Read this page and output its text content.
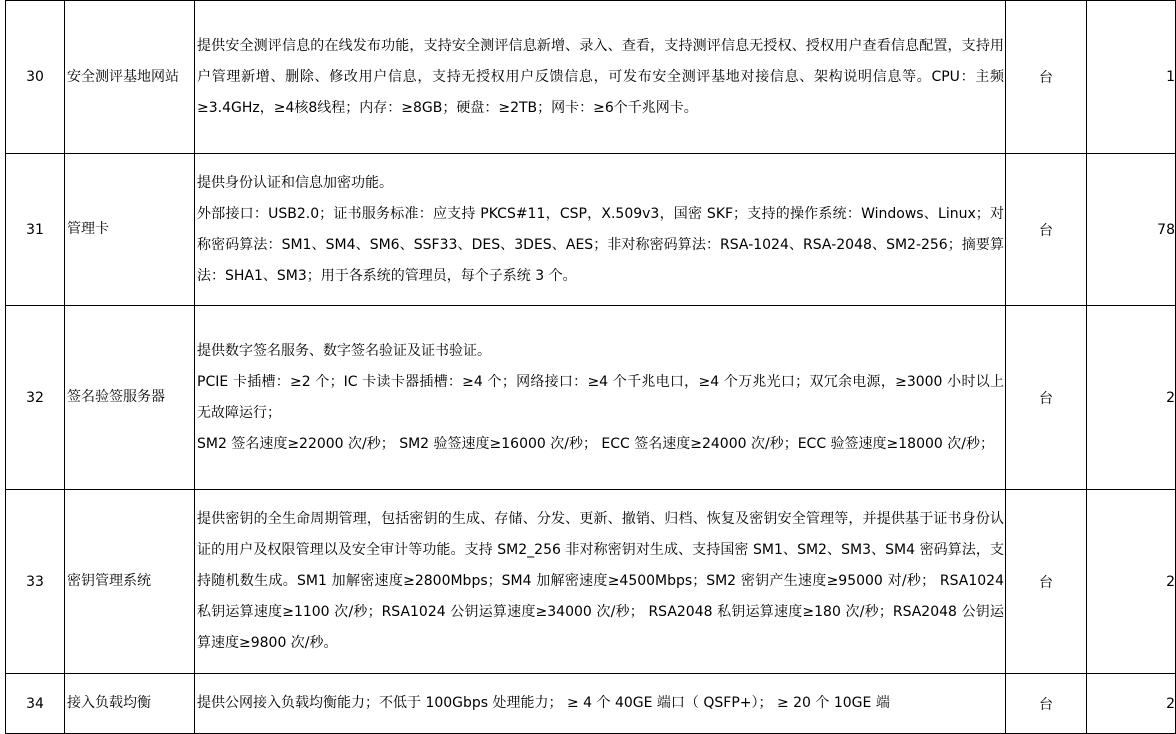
30	安全测评基地网站	提供安全测评信息的在线发布功能，支持安全测评信息新增、录入、查看，支持测评信息无授权、授权用户查看信息配置，支持用户管理新增、删除、修改用户信息，支持无授权用户反馈信息，可发布安全测评基地对接信息、架构说明信息等。CPU：主频≥3.4GHz，≥4核8线程；内存：≥8GB；硬盘：≥2TB；网卡：≥6个千兆网卡。	台	1
31	管理卡	提供身份认证和信息加密功能。
外部接口：USB2.0；证书服务标准：应支持 PKCS#11，CSP，X.509v3，国密 SKF；支持的操作系统：Windows、Linux；对称密码算法：SM1、SM4、SM6、SSF33、DES、3DES、AES；非对称密码算法：RSA-1024、RSA-2048、SM2-256；摘要算法：SHA1、SM3；用于各系统的管理员，每个子系统 3 个。	台	78
32	签名验签服务器	提供数字签名服务、数字签名验证及证书验证。
PCIE 卡插槽：≥2 个；IC 卡读卡器插槽：≥4 个；网络接口：≥4 个千兆电口，≥4 个万兆光口；双冗余电源，≥3000 小时以上无故障运行；
SM2 签名速度≥22000 次/秒； SM2 验签速度≥16000 次/秒； ECC 签名速度≥24000 次/秒；ECC 验签速度≥18000 次/秒；	台	2
33	密钥管理系统	提供密钥的全生命周期管理，包括密钥的生成、存储、分发、更新、撤销、归档、恢复及密钥安全管理等，并提供基于证书身份认证的用户及权限管理以及安全审计等功能。支持 SM2_256 非对称密钥对生成、支持国密 SM1、SM2、SM3、SM4 密码算法，支持随机数生成。SM1 加解密速度≥2800Mbps；SM4 加解密速度≥4500Mbps；SM2 密钥产生速度≥95000 对/秒； RSA1024 私钥运算速度≥1100 次/秒；RSA1024 公钥运算速度≥34000 次/秒； RSA2048 私钥运算速度≥180 次/秒；RSA2048 公钥运算速度≥9800 次/秒。	台	2
34	接入负载均衡	提供公网接入负载均衡能力；不低于 100Gbps 处理能力； ≥ 4 个 40GE 端口（ QSFP+）； ≥ 20 个 10GE 端	台	2
